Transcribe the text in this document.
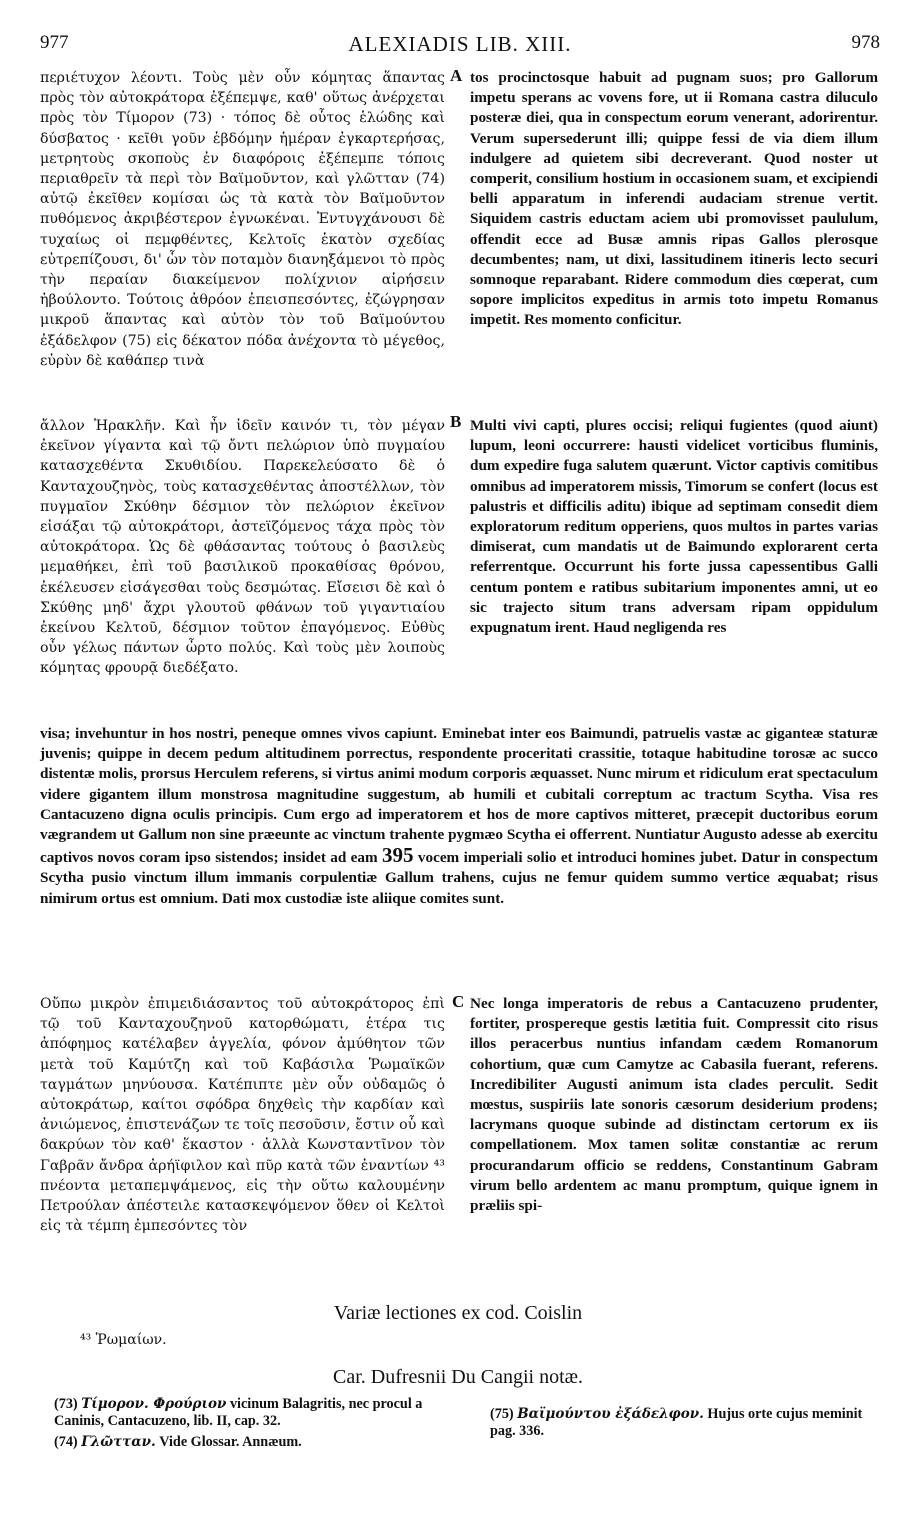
977	ALEXIADIS LIB. XIII.	978

περιέτυχον λέοντι. Τοὺς μὲν οὖν κόμητας ἅπαντας πρὸς τὸν αὐτοκράτορα ἐξέπεμψε, καθ' οὕτως ἀνέρχεται πρὸς τὸν Τίμορον (73) · τόπος δὲ οὗτος ἑλώδης καὶ δύσβατος · κεῖθι γοῦν ἑβδόμην ἡμέραν ἐγκαρτερήσας, μετρητοὺς σκοποὺς ἐν διαφόροις ἐξέπεμπε τόποις περιαθρεῖν τὰ περὶ τὸν Βαϊμοῦντον, καὶ γλῶτταν (74) αὐτῷ ἐκεῖθεν κομίσαι ὡς τὰ κατὰ τὸν Βαϊμοῦντον πυθόμενος ἀκριβέστερον ἐγνωκέναι. Ἐντυγχάνουσι δὲ τυχαίως οἱ πεμφθέντες, Κελτοῖς ἑκατὸν σχεδίας εὐτρεπίζουσι, δι' ὧν τὸν ποταμὸν διανηξάμενοι τὸ πρὸς τὴν περαίαν διακείμενον πολίχνιον αἱρήσειν ἠβούλοντο. Τούτοις ἀθρόον ἐπεισπεσόντες, ἐζώγρησαν μικροῦ ἅπαντας καὶ αὐτὸν τὸν τοῦ Βαϊμούντου ἐξάδελφον (75) εἰς δέκατον πόδα ἀνέχοντα τὸ μέγεθος, εὐρὺν δὲ καθάπερ τινὰ

ἄλλον Ἡρακλῆν. Καὶ ἦν ἰδεῖν καινόν τι, τὸν μέγαν ἐκεῖνον γίγαντα καὶ τῷ ὄντι πελώριον ὑπὸ πυγμαίου κατασχεθέντα Σκυθιδίου. Παρεκελεύσατο δὲ ὁ Κανταχουζηνὸς, τοὺς κατασχεθέντας ἀποστέλλων, τὸν πυγμαῖον Σκύθην δέσμιον τὸν πελώριον ἐκεῖνον εἰσάξαι τῷ αὐτοκράτορι, ἀστεϊζόμενος τάχα πρὸς τὸν αὐτοκράτορα. Ὡς δὲ φθάσαντας τούτους ὁ βασιλεὺς μεμαθήκει, ἐπὶ τοῦ βασιλικοῦ προκαθίσας θρόνου, ἐκέλευσεν εἰσάγεσθαι τοὺς δεσμώτας. Εἴσεισι δὲ καὶ ὁ Σκύθης μηδ' ἄχρι γλουτοῦ φθάνων τοῦ γιγαντιαίου ἐκείνου Κελτοῦ, δέσμιον τοῦτον ἐπαγόμενος. Εὐθὺς οὖν γέλως πάντων ὦρτο πολύς. Καὶ τοὺς μὲν λοιποὺς κόμητας φρουρᾷ διεδέξατο.

A
B
C

tos procinctosque habuit ad pugnam suos; pro Gallorum impetu sperans ac vovens fore, ut ii Romana castra diluculo posteræ diei, qua in conspectum eorum venerant, adorirentur. Verum supersederunt illi; quippe fessi de via diem illum indulgere ad quietem sibi decreverant. Quod noster ut comperit, consilium hostium in occasionem suam, et excipiendi belli apparatum in inferendi audaciam strenue vertit. Siquidem castris eductam aciem ubi promovisset paululum, offendit ecce ad Busæ amnis ripas Gallos plerosque decumbentes; nam, ut dixi, lassitudinem itineris lecto securi somnoque reparabant. Ridere commodum dies cœperat, cum sopore implicitos expeditus in armis toto impetu Romanus impetit. Res momento conficitur.

Multi vivi capti, plures occisi; reliqui fugientes (quod aiunt) lupum, leoni occurrere: hausti videlicet vorticibus fluminis, dum expedire fuga salutem quærunt. Victor captivis comitibus omnibus ad imperatorem missis, Timorum se confert (locus est palustris et difficilis aditu) ibique ad septimam consedit diem exploratorum reditum opperiens, quos multos in partes varias dimiserat, cum mandatis ut de Baimundo explorarent certa referrentque. Occurrunt his forte jussa capessentibus Galli centum pontem e ratibus subitarium imponentes amni, ut eo sic trajecto situm trans adversam ripam oppidulum expugnatum irent. Haud negligenda res

visa; invehuntur in hos nostri, peneque omnes vivos capiunt. Eminebat inter eos Baimundi, patruelis vastæ ac giganteæ staturæ juvenis; quippe in decem pedum altitudinem porrectus, respondente proceritati crassitie, totaque habitudine torosæ ac succo distentæ molis, prorsus Herculem referens, si virtus animi modum corporis æquasset. Nunc mirum et ridiculum erat spectaculum videre gigantem illum monstrosa magnitudine suggestum, ab humili et cubitali correptum ac tractum Scytha. Visa res Cantacuzeno digna oculis principis. Cum ergo ad imperatorem et hos de more captivos mitteret, præcepit ductoribus eorum vægrandem ut Gallum non sine præeunte ac vinctum trahente pygmæo Scytha ei offerrent. Nuntiatur Augusto adesse ab exercitu captivos novos coram ipso sistendos; insidet ad eam 395 vocem imperiali solio et introduci homines jubet. Datur in conspectum Scytha pusio vinctum illum immanis corpulentiæ Gallum trahens, cujus ne femur quidem summo vertice æquabat; risus nimirum ortus est omnium. Dati mox custodiæ iste aliique comites sunt.

Οὔπω μικρὸν ἐπιμειδιάσαντος τοῦ αὐτοκράτορος ἐπὶ τῷ τοῦ Κανταχουζηνοῦ κατορθώματι, ἑτέρα τις ἀπόφημος κατέλαβεν ἀγγελία, φόνον ἀμύθητον τῶν μετὰ τοῦ Καμύτζη καὶ τοῦ Καβάσιλα Ῥωμαϊκῶν ταγμάτων μηνύουσα. Κατέπιπτε μὲν οὖν οὐδαμῶς ὁ αὐτοκράτωρ, καίτοι σφόδρα δηχθεὶς τὴν καρδίαν καὶ ἀνιώμενος, ἐπιστενάζων τε τοῖς πεσοῦσιν, ἔστιν οὗ καὶ δακρύων τὸν καθ' ἕκαστον · ἀλλὰ Κωνσταντῖνον τὸν Γαβρᾶν ἄνδρα ἀρήϊφιλον καὶ πῦρ κατὰ τῶν ἐναντίων ⁴³ πνέοντα μεταπεμψάμενος, εἰς τὴν οὕτω καλουμένην Πετρούλαν ἀπέστειλε κατασκεψόμενον ὅθεν οἱ Κελτοὶ εἰς τὰ τέμπη ἐμπεσόντες τὸν

Nec longa imperatoris de rebus a Cantacuzeno prudenter, fortiter, prospereque gestis lætitia fuit. Compressit cito risus illos peracerbus nuntius infandam cædem Romanorum cohortium, quæ cum Camytze ac Cabasila fuerant, referens. Incredibiliter Augusti animum ista clades perculit. Sedit mœstus, suspiriis late sonoris cæsorum desiderium prodens; lacrymans quoque subinde ad distinctam certorum ex iis compellationem. Mox tamen solitæ constantiæ ac rerum procurandarum officio se reddens, Constantinum Gabram virum bello ardentem ac manu promptum, quique ignem in præliis spi-

Variæ lectiones ex cod. Coislin
⁴³ Ῥωμαίων.
Car. Dufresnii Du Cangii notæ.
(73) Τίμορον. Φρούριον vicinum Balagritis, nec procul a Caninis, Cantacuzeno, lib. II, cap. 32.
(74) Γλῶτταν. Vide Glossar. Annæum.
(75) Βαϊμούντου ἐξάδελφον. Hujus orte cujus meminit pag. 336.
